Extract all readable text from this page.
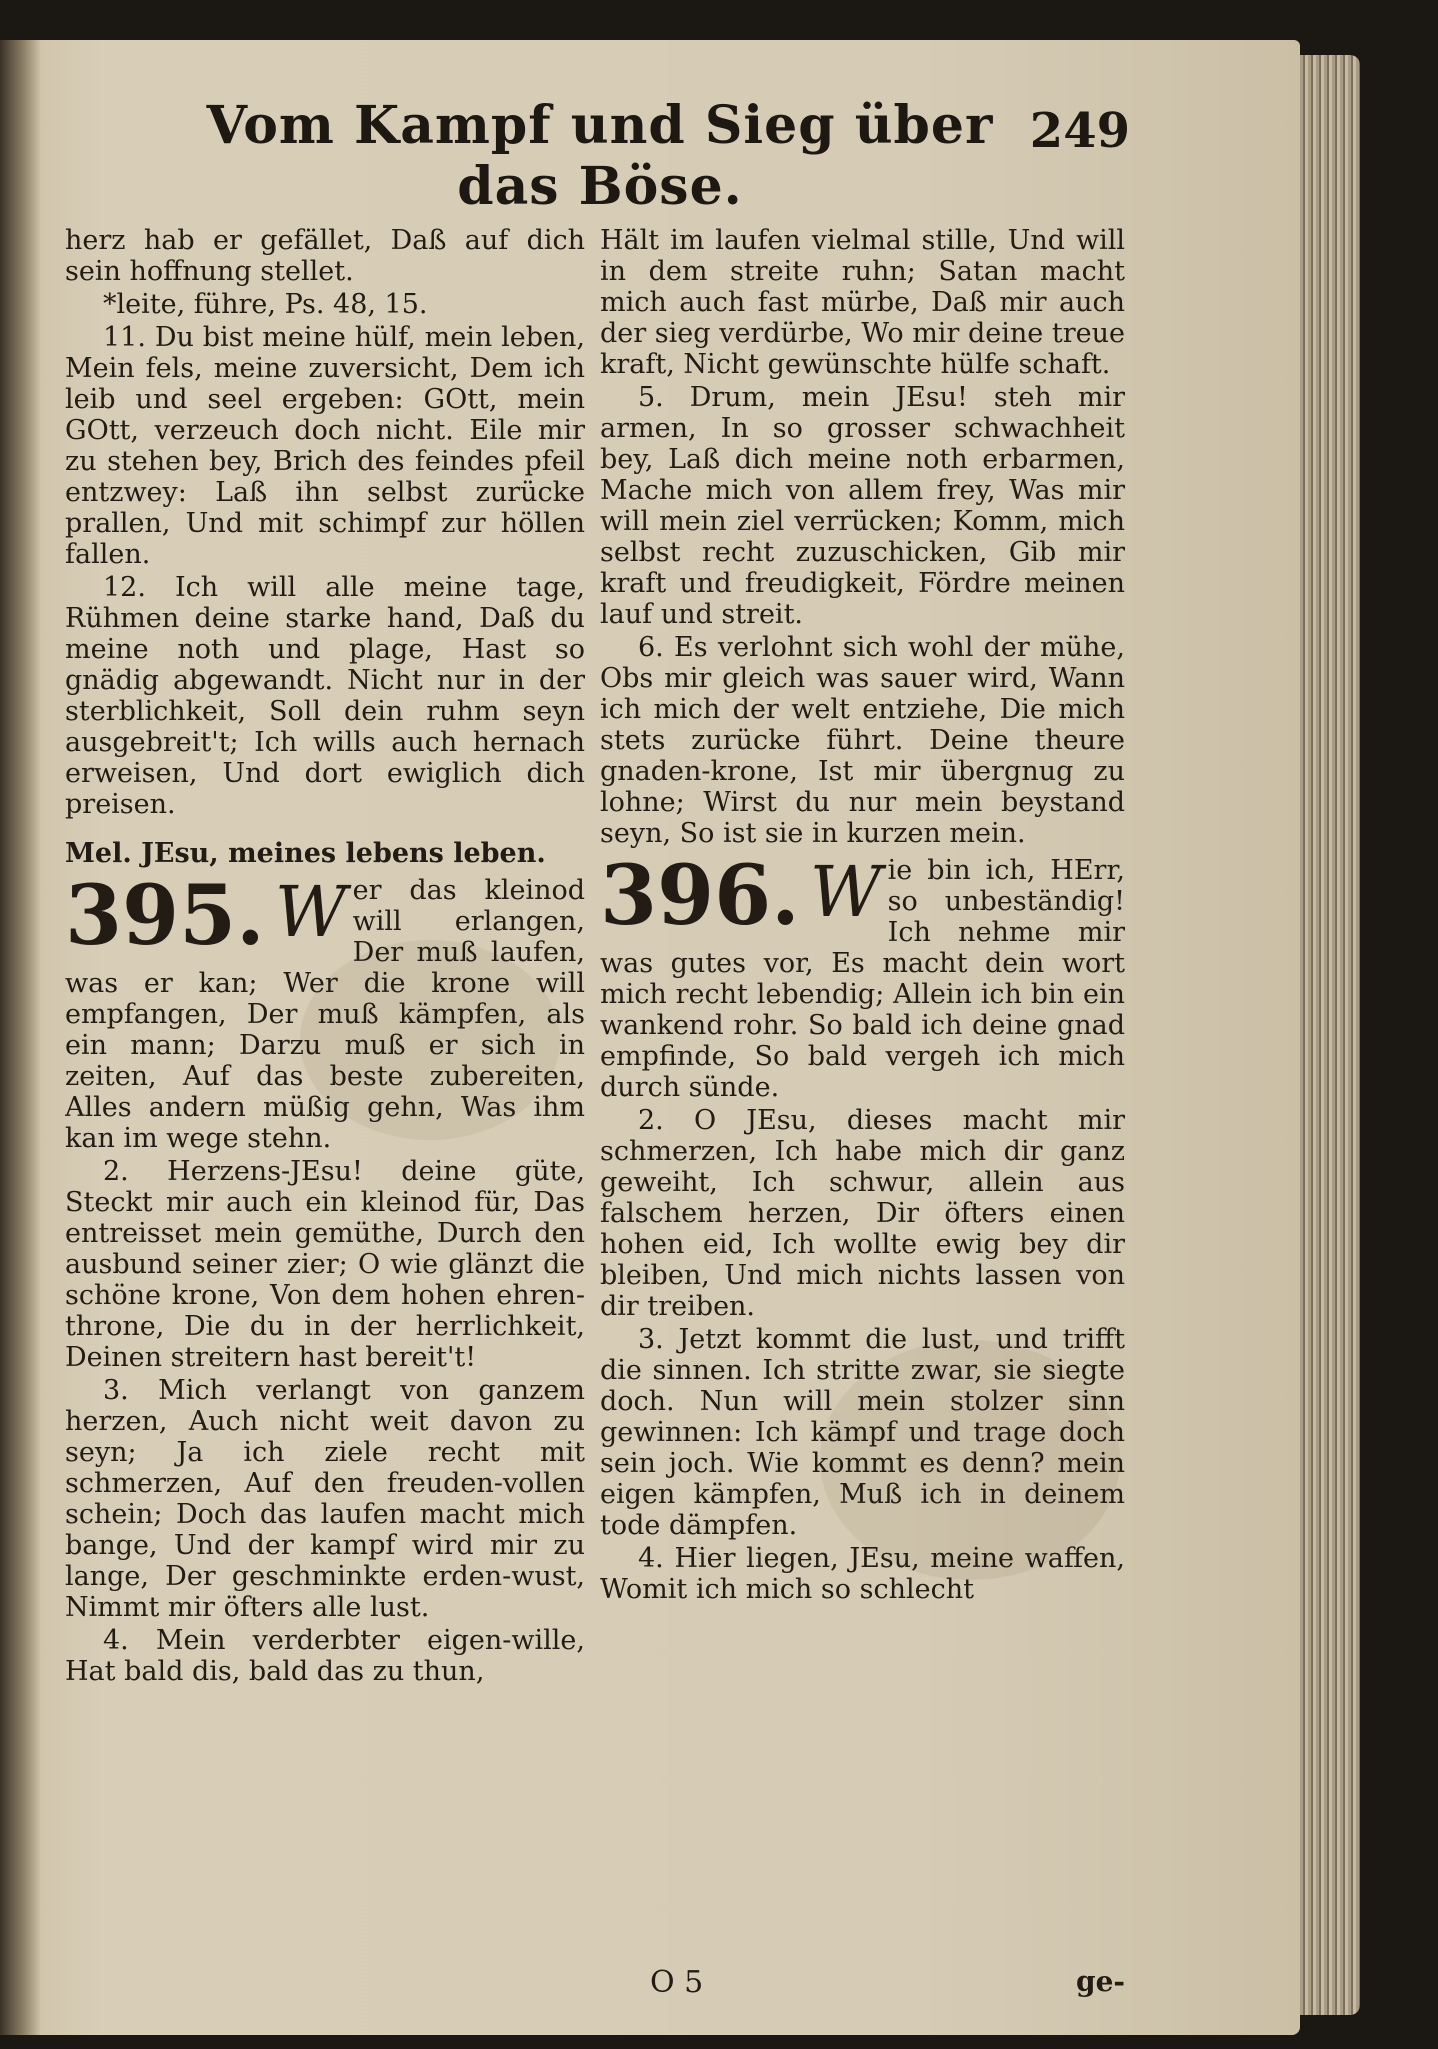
Vom Kampf und Sieg über das Böse.
249

herz hab er gefället, Daß auf dich sein hoffnung stellet.

*leite, führe, Ps. 48, 15.

11. Du bist meine hülf, mein leben, Mein fels, meine zuversicht, Dem ich leib und seel ergeben: GOtt, mein GOtt, verzeuch doch nicht. Eile mir zu stehen bey, Brich des feindes pfeil entzwey: Laß ihn selbst zurücke prallen, Und mit schimpf zur höllen fallen.

12. Ich will alle meine tage, Rühmen deine starke hand, Daß du meine noth und plage, Hast so gnädig abgewandt. Nicht nur in der sterblichkeit, Soll dein ruhm seyn ausgebreit't; Ich wills auch hernach erweisen, Und dort ewiglich dich preisen.

Mel. JEsu, meines lebens leben.

395. W er das kleinod will erlangen, Der muß laufen, was er kan; Wer die krone will empfangen, Der muß kämpfen, als ein mann; Darzu muß er sich in zeiten, Auf das beste zubereiten, Alles andern müßig gehn, Was ihm kan im wege stehn.

2. Herzens-JEsu! deine güte, Steckt mir auch ein kleinod für, Das entreisset mein gemüthe, Durch den ausbund seiner zier; O wie glänzt die schöne krone, Von dem hohen ehren-throne, Die du in der herrlichkeit, Deinen streitern hast bereit't!

3. Mich verlangt von ganzem herzen, Auch nicht weit davon zu seyn; Ja ich ziele recht mit schmerzen, Auf den freuden-vollen schein; Doch das laufen macht mich bange, Und der kampf wird mir zu lange, Der geschminkte erden-wust, Nimmt mir öfters alle lust.

4. Mein verderbter eigen-wille, Hat bald dis, bald das zu thun,

Hält im laufen vielmal stille, Und will in dem streite ruhn; Satan macht mich auch fast mürbe, Daß mir auch der sieg verdürbe, Wo mir deine treue kraft, Nicht gewünschte hülfe schaft.

5. Drum, mein JEsu! steh mir armen, In so grosser schwachheit bey, Laß dich meine noth erbarmen, Mache mich von allem frey, Was mir will mein ziel verrücken; Komm, mich selbst recht zuzuschicken, Gib mir kraft und freudigkeit, Fördre meinen lauf und streit.

6. Es verlohnt sich wohl der mühe, Obs mir gleich was sauer wird, Wann ich mich der welt entziehe, Die mich stets zurücke führt. Deine theure gnaden-krone, Ist mir übergnug zu lohne; Wirst du nur mein beystand seyn, So ist sie in kurzen mein.

396. W ie bin ich, HErr, so unbeständig! Ich nehme mir was gutes vor, Es macht dein wort mich recht lebendig; Allein ich bin ein wankend rohr. So bald ich deine gnad empfinde, So bald vergeh ich mich durch sünde.

2. O JEsu, dieses macht mir schmerzen, Ich habe mich dir ganz geweiht, Ich schwur, allein aus falschem herzen, Dir öfters einen hohen eid, Ich wollte ewig bey dir bleiben, Und mich nichts lassen von dir treiben.

3. Jetzt kommt die lust, und trifft die sinnen. Ich stritte zwar, sie siegte doch. Nun will mein stolzer sinn gewinnen: Ich kämpf und trage doch sein joch. Wie kommt es denn? mein eigen kämpfen, Muß ich in deinem tode dämpfen.

4. Hier liegen, JEsu, meine waffen, Womit ich mich so schlecht

O 5	ge-
